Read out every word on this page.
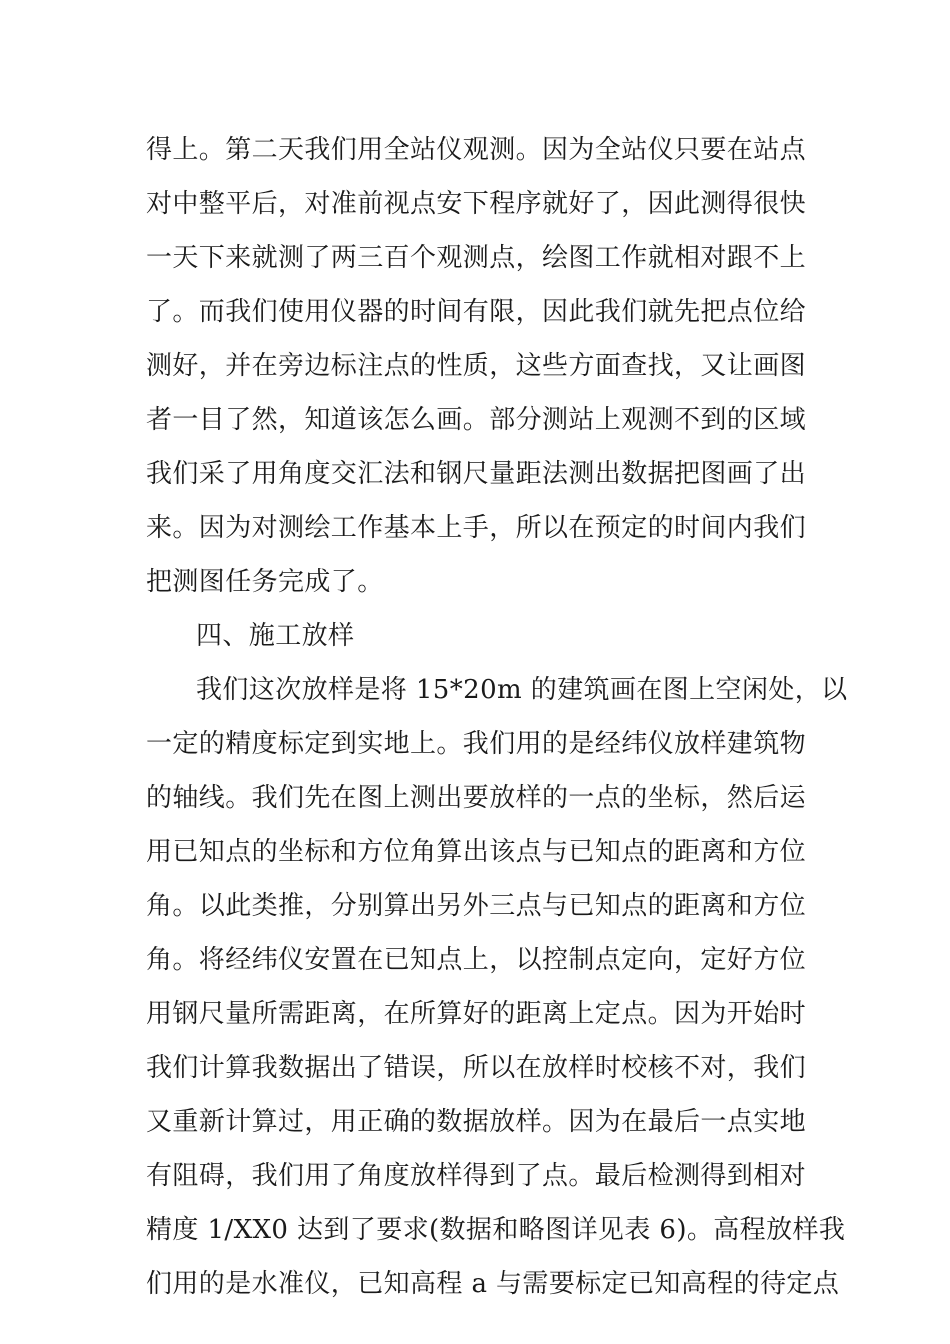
得上。第二天我们用全站仪观测。因为全站仪只要在站点
对中整平后，对准前视点安下程序就好了，因此测得很快
一天下来就测了两三百个观测点，绘图工作就相对跟不上
了。而我们使用仪器的时间有限，因此我们就先把点位给
测好，并在旁边标注点的性质，这些方面查找，又让画图
者一目了然，知道该怎么画。部分测站上观测不到的区域
我们采了用角度交汇法和钢尺量距法测出数据把图画了出
来。因为对测绘工作基本上手，所以在预定的时间内我们
把测图任务完成了。
四、施工放样
我们这次放样是将 15*20m 的建筑画在图上空闲处，以
一定的精度标定到实地上。我们用的是经纬仪放样建筑物
的轴线。我们先在图上测出要放样的一点的坐标，然后运
用已知点的坐标和方位角算出该点与已知点的距离和方位
角。以此类推，分别算出另外三点与已知点的距离和方位
角。将经纬仪安置在已知点上，以控制点定向，定好方位
用钢尺量所需距离，在所算好的距离上定点。因为开始时
我们计算我数据出了错误，所以在放样时校核不对，我们
又重新计算过，用正确的数据放样。因为在最后一点实地
有阻碍，我们用了角度放样得到了点。最后检测得到相对
精度 1/XX0 达到了要求(数据和略图详见表 6)。高程放样我
们用的是水准仪，已知高程 a 与需要标定已知高程的待定点
